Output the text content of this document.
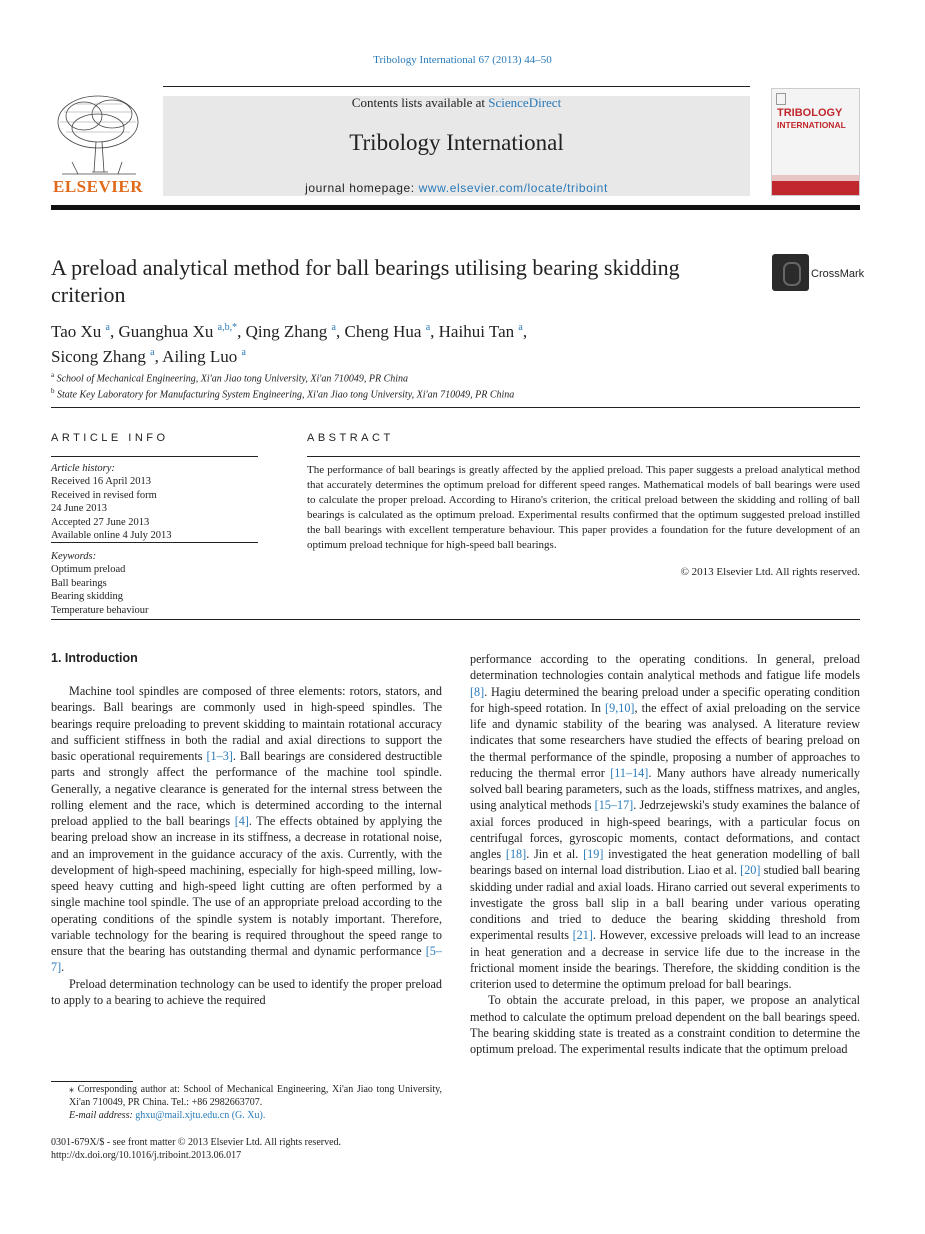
Tribology International 67 (2013) 44–50
ELSEVIER
Contents lists available at ScienceDirect
Tribology International
journal homepage: www.elsevier.com/locate/triboint
TRIBOLOGY
INTERNATIONAL
A preload analytical method for ball bearings utilising bearing skidding criterion
CrossMark
Tao Xu $^a$, Guanghua Xu $^{a,b,*}$, Qing Zhang $^a$, Cheng Hua $^a$, Haihui Tan $^a$,
Sicong Zhang $^a$, Ailing Luo $^a$
$^a$ School of Mechanical Engineering, Xi'an Jiao tong University, Xi'an 710049, PR China
$^b$ State Key Laboratory for Manufacturing System Engineering, Xi'an Jiao tong University, Xi'an 710049, PR China
ARTICLE INFO
Article history:
Received 16 April 2013
Received in revised form
24 June 2013
Accepted 27 June 2013
Available online 4 July 2013
Keywords:
Optimum preload
Ball bearings
Bearing skidding
Temperature behaviour
ABSTRACT
The performance of ball bearings is greatly affected by the applied preload. This paper suggests a preload analytical method that accurately determines the optimum preload for different speed ranges. Mathematical models of ball bearings were used to calculate the proper preload. According to Hirano's criterion, the critical preload between the skidding and rolling of ball bearings is calculated as the optimum preload. Experimental results confirmed that the optimum suggested preload instilled the ball bearings with excellent temperature behaviour. This paper provides a foundation for the future development of an optimum preload technique for high-speed ball bearings.
© 2013 Elsevier Ltd. All rights reserved.
1. Introduction

Machine tool spindles are composed of three elements: rotors, stators, and bearings. Ball bearings are commonly used in high-speed spindles. The bearings require preloading to prevent skidding to maintain rotational accuracy and sufficient stiffness in both the radial and axial directions to support the basic operational requirements [1–3]. Ball bearings are considered destructible parts and strongly affect the performance of the machine tool spindle. Generally, a negative clearance is generated for the internal stress between the rolling element and the race, which is determined according to the internal preload applied to the ball bearings [4]. The effects obtained by applying the bearing preload show an increase in its stiffness, a decrease in rotational noise, and an improvement in the guidance accuracy of the axis. Currently, with the development of high-speed machining, especially for high-speed milling, low-speed heavy cutting and high-speed light cutting are often performed by a single machine tool spindle. The use of an appropriate preload according to the operating conditions of the spindle system is notably important. Therefore, variable technology for the bearing is required throughout the speed range to ensure that the bearing has outstanding thermal and dynamic performance [5–7].

Preload determination technology can be used to identify the proper preload to apply to a bearing to achieve the required

performance according to the operating conditions. In general, preload determination technologies contain analytical methods and fatigue life models [8]. Hagiu determined the bearing preload under a specific operating condition for high-speed rotation. In [9,10], the effect of axial preloading on the service life and dynamic stability of the bearing was analysed. A literature review indicates that some researchers have studied the effects of bearing preload on the thermal performance of the spindle, proposing a number of approaches to reducing the thermal error [11–14]. Many authors have already numerically solved ball bearing parameters, such as the loads, stiffness matrixes, and angles, using analytical methods [15–17]. Jedrzejewski's study examines the balance of axial forces produced in high-speed bearings, with a particular focus on centrifugal forces, gyroscopic moments, contact deformations, and contact angles [18]. Jin et al. [19] investigated the heat generation modelling of ball bearings based on internal load distribution. Liao et al. [20] studied ball bearing skidding under radial and axial loads. Hirano carried out several experiments to investigate the gross ball slip in a ball bearing under various operating conditions and tried to deduce the bearing skidding threshold from experimental results [21]. However, excessive preloads will lead to an increase in heat generation and a decrease in service life due to the increase in the frictional moment inside the bearings. Therefore, the skidding condition is the criterion used to determine the optimum preload for ball bearings.

To obtain the accurate preload, in this paper, we propose an analytical method to calculate the optimum preload dependent on the ball bearings speed. The bearing skidding state is treated as a constraint condition to determine the optimum preload. The experimental results indicate that the optimum preload

⁎ Corresponding author at: School of Mechanical Engineering, Xi'an Jiao tong University, Xi'an 710049, PR China. Tel.: +86 2982663707.
E-mail address: ghxu@mail.xjtu.edu.cn (G. Xu).
0301-679X/$ - see front matter © 2013 Elsevier Ltd. All rights reserved.
http://dx.doi.org/10.1016/j.triboint.2013.06.017
